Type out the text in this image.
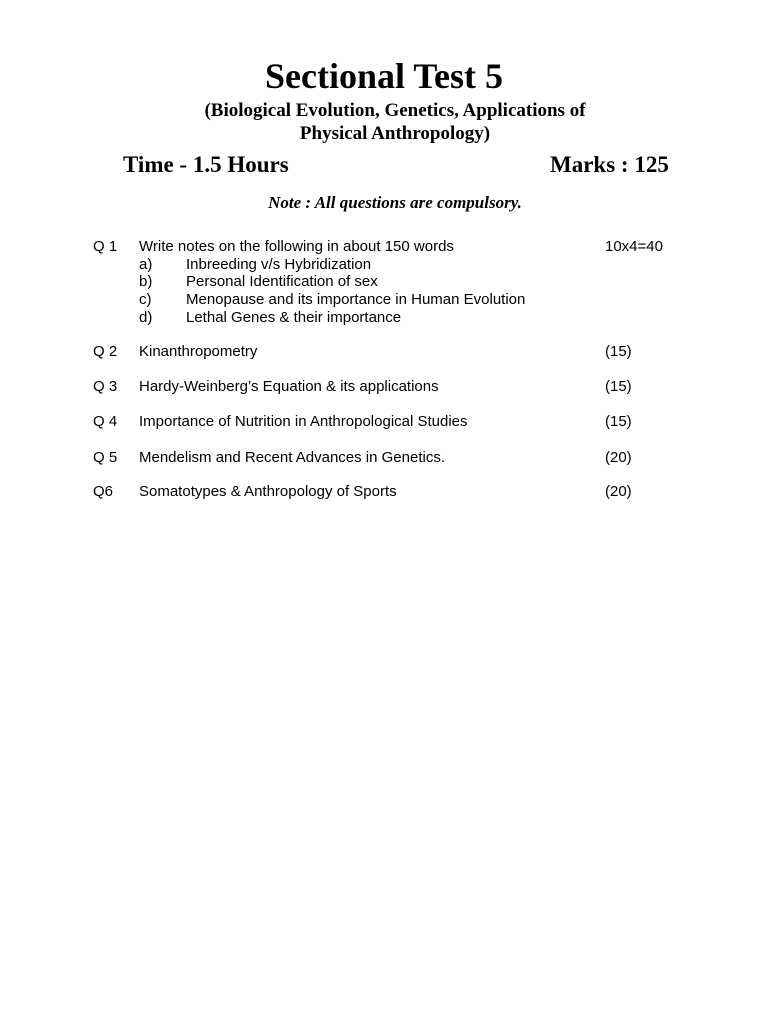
Sectional Test 5
(Biological Evolution, Genetics, Applications of
Physical Anthropology)
Time - 1.5 Hours	Marks : 125
Note : All questions are compulsory.
Q 1 Write notes on the following in about 150 words	10x4=40
a) Inbreeding v/s Hybridization
b) Personal Identification of sex
c) Menopause and its importance in Human Evolution
d) Lethal Genes & their importance
Q 2 Kinanthropometry	(15)
Q 3 Hardy-Weinberg’s Equation & its applications	(15)
Q 4 Importance of Nutrition in Anthropological Studies	(15)
Q 5 Mendelism and Recent Advances in Genetics.	(20)
Q6 Somatotypes & Anthropology of Sports	(20)
